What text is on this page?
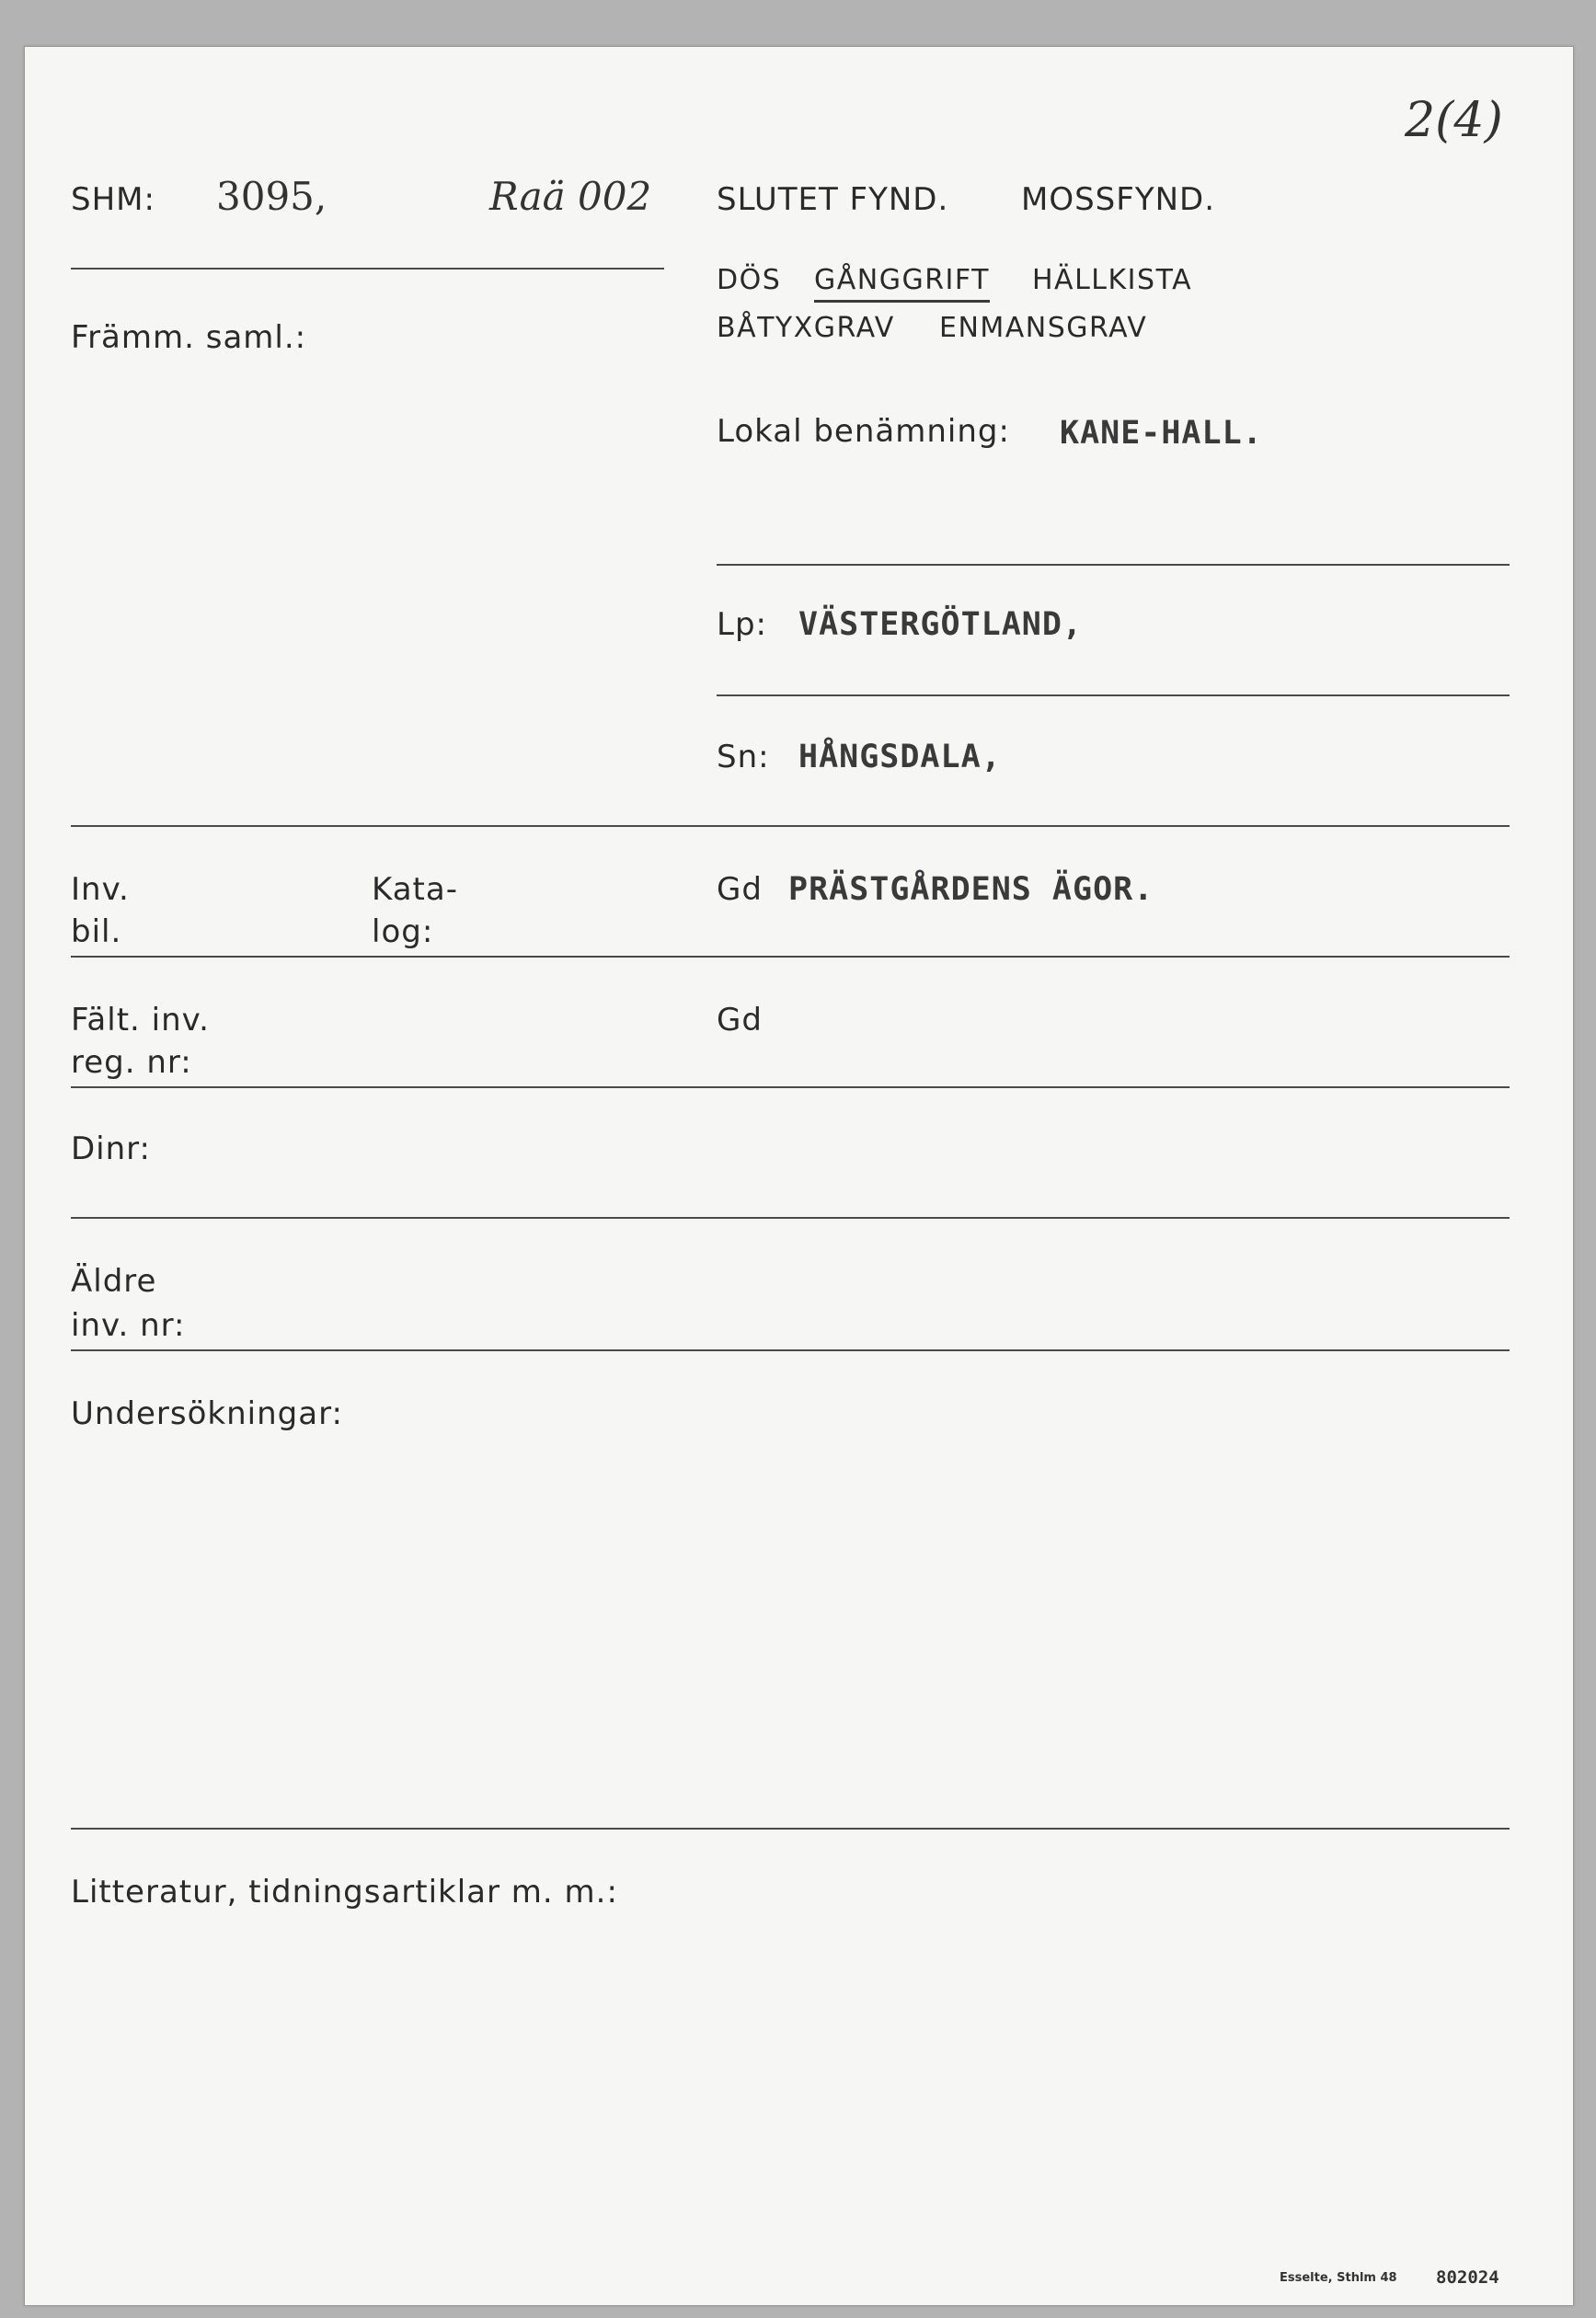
2(4)
SHM: 3095,	Raä 002 SLUTET FYND. MOSSFYND.
DÖS GÅNGGRIFT HÄLLKISTA
BÅTYXGRAV ENMANSGRAV
Främm. saml.:
Lokal benämning: KANE-HALL.
Lp: VÄSTERGÖTLAND,
Sn: HÅNGSDALA,
Inv.
bil.
Kata-
log:
Gd PRÄSTGÅRDENS ÄGOR.
Fält. inv.
reg. nr:
Gd
Dinr:
Äldre
inv. nr:
Undersökningar:
Litteratur, tidningsartiklar m. m.:
Esselte, Sthlm 48 802024
